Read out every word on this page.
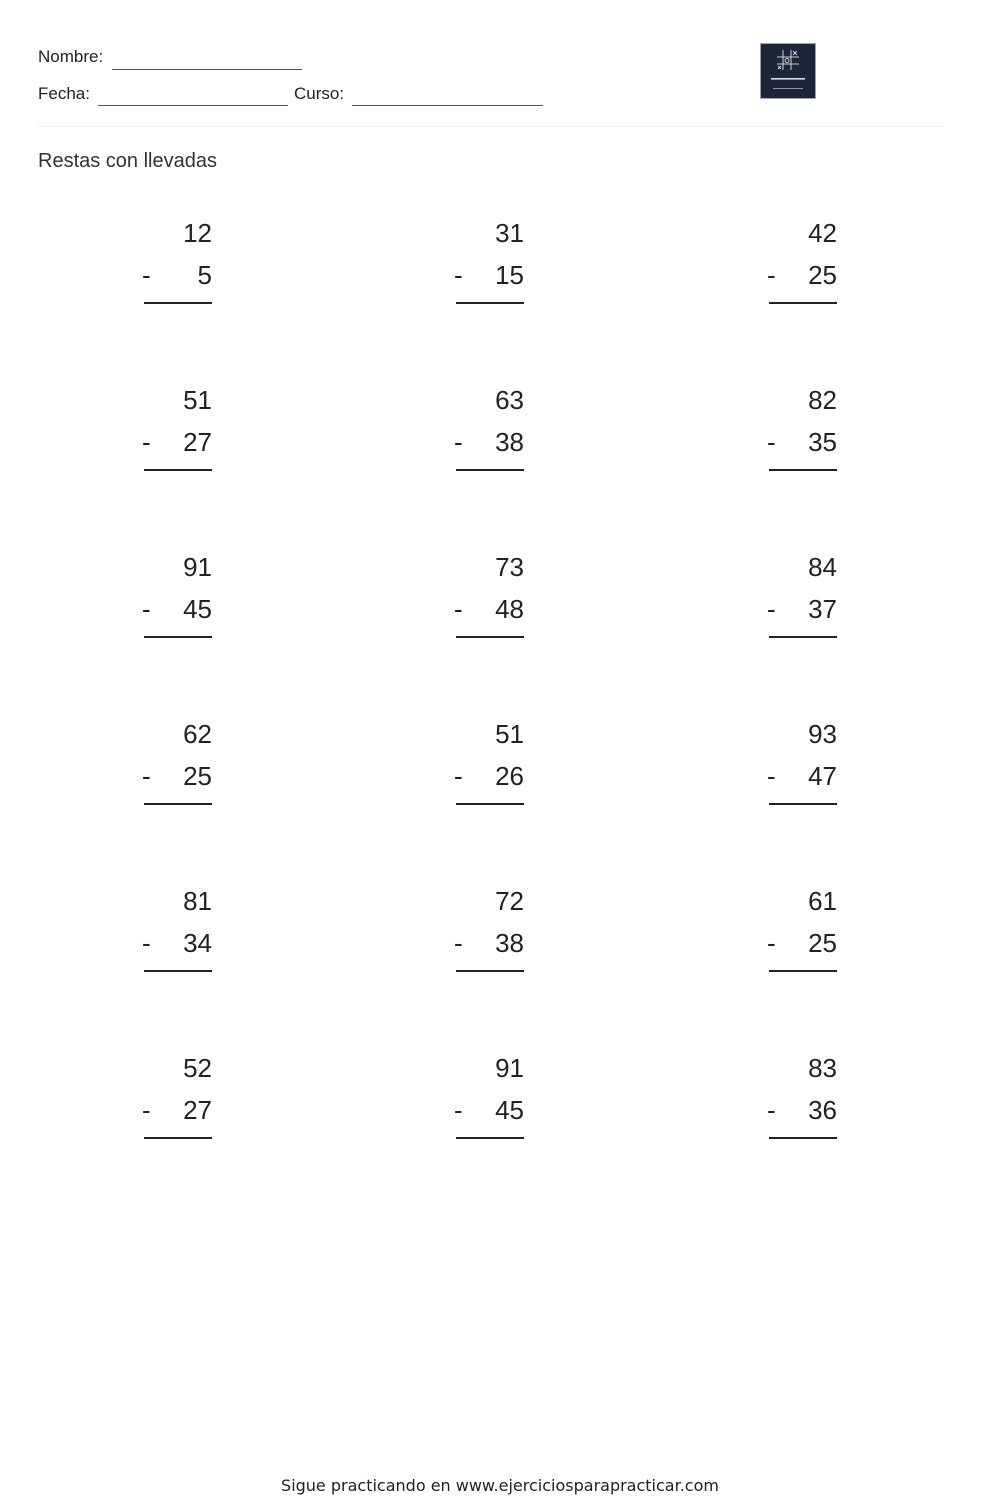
Nombre:
Fecha:	Curso:
Restas con llevadas
12
- 5
31
- 15
42
- 25
51
- 27
63
- 38
82
- 35
91
- 45
73
- 48
84
- 37
62
- 25
51
- 26
93
- 47
81
- 34
72
- 38
61
- 25
52
- 27
91
- 45
83
- 36
Sigue practicando en www.ejerciciosparapracticar.com
